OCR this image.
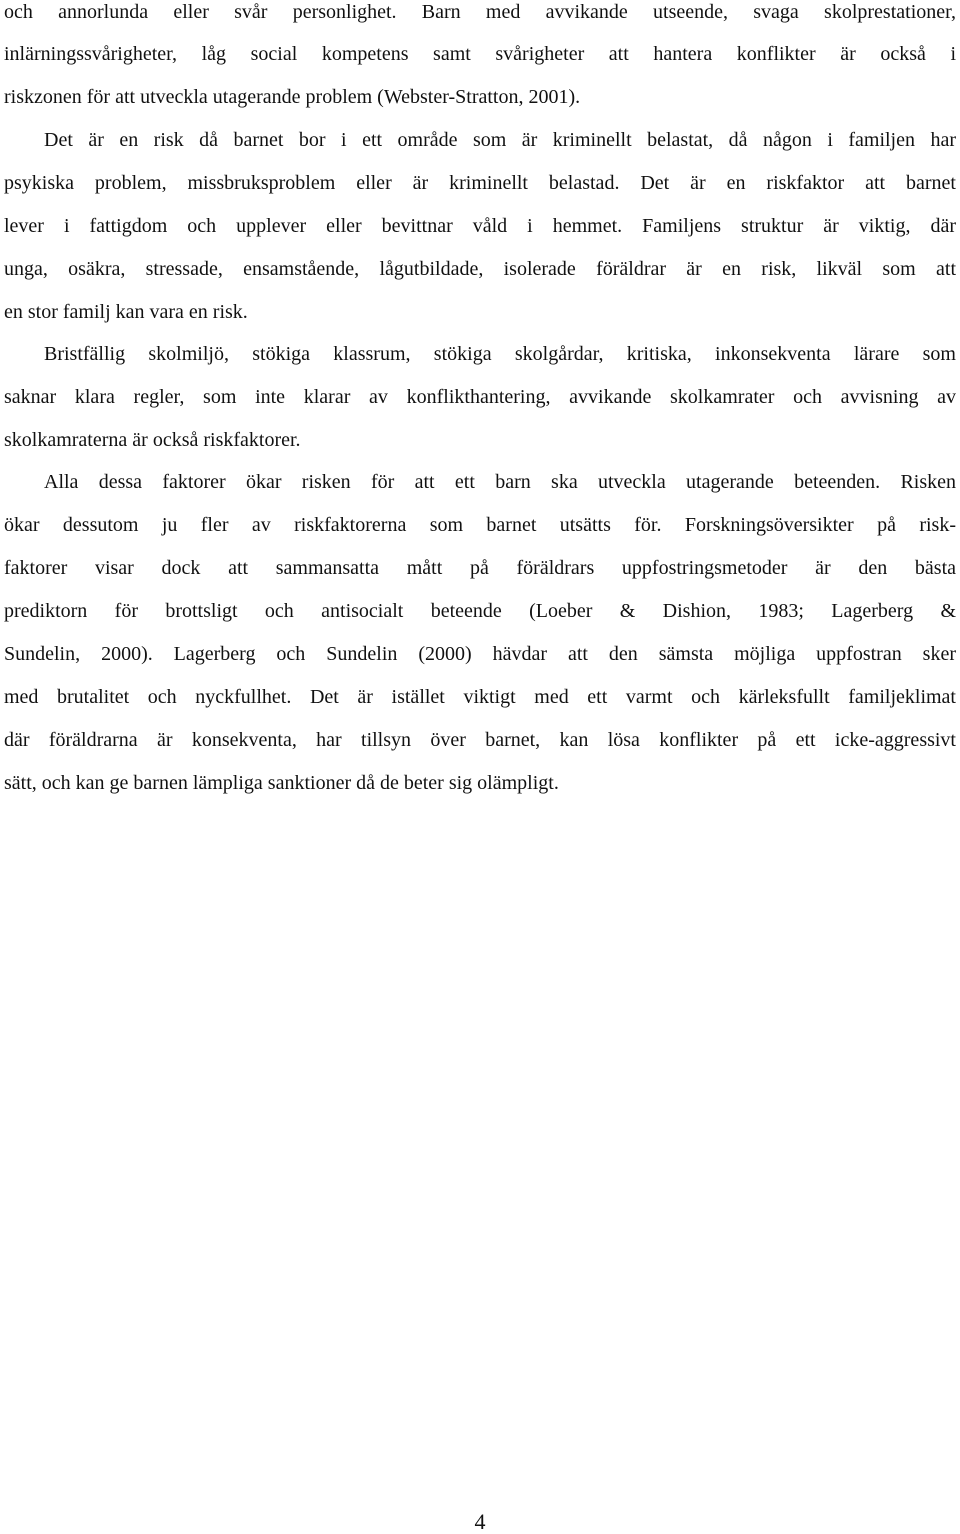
och annorlunda eller svår personlighet. Barn med avvikande utseende, svaga skolprestationer,
inlärningssvårigheter, låg social kompetens samt svårigheter att hantera konflikter är också i
riskzonen för att utveckla utagerande problem (Webster-Stratton, 2001).
Det är en risk då barnet bor i ett område som är kriminellt belastat, då någon i familjen har
psykiska problem, missbruksproblem eller är kriminellt belastad. Det är en riskfaktor att barnet
lever i fattigdom och upplever eller bevittnar våld i hemmet. Familjens struktur är viktig, där
unga, osäkra, stressade, ensamstående, lågutbildade, isolerade föräldrar är en risk, likväl som att
en stor familj kan vara en risk.
Bristfällig skolmiljö, stökiga klassrum, stökiga skolgårdar, kritiska, inkonsekventa lärare som
saknar klara regler, som inte klarar av konflikthantering, avvikande skolkamrater och avvisning av
skolkamraterna är också riskfaktorer.
Alla dessa faktorer ökar risken för att ett barn ska utveckla utagerande beteenden. Risken
ökar dessutom ju fler av riskfaktorerna som barnet utsätts för. Forskningsöversikter på risk-
faktorer visar dock att sammansatta mått på föräldrars uppfostringsmetoder är den bästa
prediktorn för brottsligt och antisocialt beteende (Loeber & Dishion, 1983; Lagerberg &
Sundelin, 2000). Lagerberg och Sundelin (2000) hävdar att den sämsta möjliga uppfostran sker
med brutalitet och nyckfullhet. Det är istället viktigt med ett varmt och kärleksfullt familjeklimat
där föräldrarna är konsekventa, har tillsyn över barnet, kan lösa konflikter på ett icke-aggressivt
sätt, och kan ge barnen lämpliga sanktioner då de beter sig olämpligt.
4
